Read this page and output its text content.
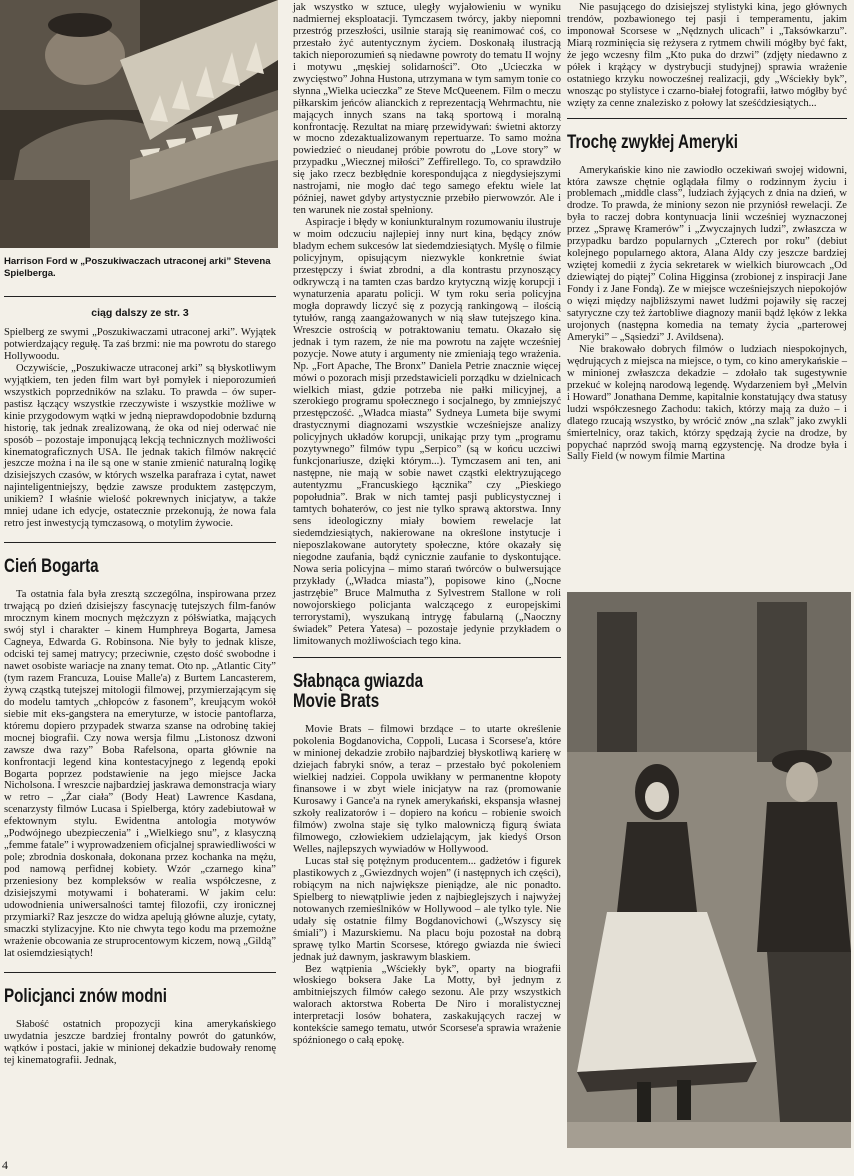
Harrison Ford w „Poszukiwaczach utraconej arki” Stevena Spielberga.
ciąg dalszy ze str. 3

Spielberg ze swymi „Poszukiwaczami utraconej arki”. Wyjątek potwierdzający regułę. Ta zaś brzmi: nie ma powrotu do starego Hollywoodu.

Oczywiście, „Poszukiwacze utraconej arki” są błyskotliwym wyjątkiem, ten jeden film wart był pomyłek i nieporozumień wszystkich poprzedników na szlaku. To prawda – ów super-pastisz łączący wszystkie rzeczywiste i wszystkie możliwe w kinie przygodowym wątki w jedną nieprawdopodobnie bzdurną historię, tak jednak zrealizowaną, że oka od niej oderwać nie sposób – pozostaje imponującą lekcją technicznych możliwości kinematograficznych USA. Ile jednak takich filmów nakręcić jeszcze można i na ile są one w stanie zmienić naturalną logikę dzisiejszych czasów, w których wszelka parafraza i cytat, nawet najinteligentniejszy, będzie zawsze produktem zastępczym, unikiem? I właśnie wielość pokrewnych inicjatyw, a także mniej udane ich edycje, ostatecznie przekonują, że nowa fala retro jest inwestycją tymczasową, o motylim żywocie.

Cień Bogarta

Ta ostatnia fala była zresztą szczególna, inspirowana przez trwającą po dzień dzisiejszy fascynację tutejszych film-fanów mrocznym kinem mocnych mężczyzn z półświatka, mających swój styl i charakter – kinem Humphreya Bogarta, Jamesa Cagneya, Edwarda G. Robinsona. Nie były to jednak klisze, odciski tej samej matrycy; przeciwnie, często dość swobodne i nawet osobiste wariacje na znany temat. Oto np. „Atlantic City” (tym razem Francuza, Louise Malle'a) z Burtem Lancasterem, żywą cząstką tutejszej mitologii filmowej, przymierzającym się do modelu tamtych „chłopców z fasonem”, kreującym wokół siebie mit eks-gangstera na emeryturze, w istocie pantoflarza, któremu dopiero przypadek stwarza szanse na odrobinę takiej mocnej biografii. Czy nowa wersja filmu „Listonosz dzwoni zawsze dwa razy” Boba Rafelsona, oparta głównie na konfrontacji legend kina kontestacyjnego z legendą epoki Bogarta poprzez podstawienie na jego miejsce Jacka Nicholsona. I wreszcie najbardziej jaskrawa demonstracja wiary w retro – „Żar ciała” (Body Heat) Lawrence Kasdana, scenarzysty filmów Lucasa i Spielberga, który zadebiutował w efektownym stylu. Ewidentna antologia motywów „Podwójnego ubezpieczenia” i „Wielkiego snu”, z klasyczną „femme fatale” i wyprowadzeniem oficjalnej sprawiedliwości w pole; zbrodnia doskonała, dokonana przez kochanka na mężu, pod namową perfidnej kobiety. Wzór „czarnego kina” przeniesiony bez kompleksów w realia współczesne, z dzisiejszymi motywami i bohaterami. W jakim celu: udowodnienia uniwersalności tamtej filozofii, czy ironicznej przymiarki? Raz jeszcze do widza apelują główne aluzje, cytaty, smaczki stylizacyjne. Kto nie chwyta tego kodu ma przemożne wrażenie obcowania ze struprocentowym kiczem, nową „Gildą” lat osiemdziesiątych!

Policjanci znów modni

Słabość ostatnich propozycji kina amerykańskiego uwydatnia jeszcze bardziej frontalny powrót do gatunków, wątków i postaci, jakie w minionej dekadzie budowały renomę tej kinematografii. Jednak,

jak wszystko w sztuce, uległy wyjałowieniu w wyniku nadmiernej eksploatacji. Tymczasem twórcy, jakby niepomni przestróg przeszłości, usilnie starają się reanimować coś, co przestało żyć autentycznym życiem. Doskonałą ilustracją takich nieporozumień są niedawne powroty do tematu II wojny i motywu „męskiej solidarności”. Oto „Ucieczka w zwycięstwo” Johna Hustona, utrzymana w tym samym tonie co słynna „Wielka ucieczka” ze Steve McQueenem. Film o meczu piłkarskim jeńców alianckich z reprezentacją Wehrmachtu, nie mających innych szans na taką sportową i moralną konfrontację. Rezultat na miarę przewidywań: świetni aktorzy w mocno zdezaktualizowanym repertuarze. To samo można powiedzieć o nieudanej próbie powrotu do „Love story” w przypadku „Wiecznej miłości” Zeffirellego. To, co sprawdziło się jako rzecz bezbłędnie korespondująca z niegdysiejszymi nastrojami, nie mogło dać tego samego efektu wiele lat później, nawet gdyby artystycznie przebiło pierwowzór. Ale i ten warunek nie został spełniony.

Aspiracje i błędy w koniunkturalnym rozumowaniu ilustruje w moim odczuciu najlepiej inny nurt kina, będący znów bladym echem sukcesów lat siedemdziesiątych. Myślę o filmie policyjnym, opisującym niezwykle konkretnie świat przestępczy i świat zbrodni, a dla kontrastu przynoszący odkrywczą i na tamten czas bardzo krytyczną wizję korupcji i wynaturzenia aparatu policji. W tym roku seria policyjna mogła doprawdy liczyć się z pozycją rankingową – ilością tytułów, rangą zaangażowanych w nią sław tutejszego kina. Wreszcie ostrością w potraktowaniu tematu. Okazało się jednak i tym razem, że nie ma powrotu na zajęte wcześniej pozycje. Nowe atuty i argumenty nie zmieniają tego wrażenia. Np. „Fort Apache, The Bronx” Daniela Petrie znacznie więcej mówi o pozorach misji przedstawicieli porządku w dzielnicach wielkich miast, gdzie potrzeba nie pałki milicyjnej, a szerokiego programu społecznego i socjalnego, by zmniejszyć przestępczość. „Władca miasta” Sydneya Lumeta bije swymi drastycznymi diagnozami wszystkie wcześniejsze analizy policyjnych układów korupcji, unikając przy tym „programu pozytywnego” filmów typu „Serpico” (są w końcu uczciwi funkcjonariusze, dzięki którym...). Tymczasem ani ten, ani następne, nie mają w sobie nawet cząstki elektryzującego autentyzmu „Francuskiego łącznika” czy „Pieskiego popołudnia”. Brak w nich tamtej pasji publicystycznej i tamtych bohaterów, co jest nie tylko sprawą aktorstwa. Inny sens ideologiczny miały bowiem rewelacje lat siedemdziesiątych, nakierowane na określone instytucje i nieposzlakowane autorytety społeczne, które okazały się niegodne zaufania, bądź cynicznie zaufanie to dyskontujące. Nowa seria policyjna – mimo starań twórców o bulwersujące przykłady („Władca miasta”), popisowe kino („Nocne jastrzębie” Bruce Malmutha z Sylvestrem Stallone w roli nowojorskiego policjanta walczącego z europejskimi terrorystami), wyszukaną intrygę fabularną („Naoczny świadek” Petera Yatesa) – pozostaje jedynie przykładem o limitowanych możliwościach tego kina.

Słabnąca gwiazda
Movie Brats

Movie Brats – filmowi brzdące – to utarte określenie pokolenia Bogdanovicha, Coppoli, Lucasa i Scorsese'a, które w minionej dekadzie zrobiło najbardziej błyskotliwą karierę w dziejach fabryki snów, a teraz – przestało być pokoleniem wielkiej nadziei. Coppola uwikłany w permanentne kłopoty finansowe i w zbyt wiele inicjatyw na raz (promowanie Kurosawy i Gance'a na rynek amerykański, ekspansja własnej szkoły realizatorów i – dopiero na końcu – robienie swoich filmów) zwolna staje się tylko malowniczą figurą świata filmowego, człowiekiem udzielającym, jak kiedyś Orson Welles, najlepszych wywiadów w Hollywood.

Lucas stał się potężnym producentem... gadżetów i figurek plastikowych z „Gwiezdnych wojen” (i następnych ich części), robiącym na nich największe pieniądze, ale nic ponadto. Spielberg to niewątpliwie jeden z najbieglejszych i najwyżej notowanych rzemieślników w Hollywood – ale tylko tyle. Nie udały się ostatnie filmy Bogdanovichowi („Wszyscy się śmiali”) i Mazurskiemu. Na placu boju pozostał na dobrą sprawę tylko Martin Scorsese, którego gwiazda nie świeci jednak już dawnym, jaskrawym blaskiem.

Bez wątpienia „Wściekły byk”, oparty na biografii włoskiego boksera Jake La Motty, był jednym z ambitniejszych filmów całego sezonu. Ale przy wszystkich walorach aktorstwa Roberta De Niro i moralistycznej interpretacji losów bohatera, zaskakujących raczej w kontekście samego tematu, utwór Scorsese'a sprawia wrażenie spóźnionego o całą epokę.

Nie pasującego do dzisiejszej stylistyki kina, jego głównych trendów, pozbawionego tej pasji i temperamentu, jakim imponował Scorsese w „Nędznych ulicach” i „Taksówkarzu”. Miarą rozminięcia się reżysera z rytmem chwili mógłby być fakt, że jego wczesny film „Kto puka do drzwi” (zdjęty niedawno z półek i krążący w dystrybucji studyjnej) sprawia wrażenie ostatniego krzyku nowocześnej realizacji, gdy „Wściekły byk”, wnosząc po stylistyce i czarno-białej fotografii, łatwo mógłby być wzięty za cenne znalezisko z połowy lat sześćdziesiątych...

Trochę zwykłej Ameryki

Amerykańskie kino nie zawiodło oczekiwań swojej widowni, która zawsze chętnie oglądała filmy o rodzinnym życiu i problemach „middle class”, ludziach żyjących z dnia na dzień, w drodze. To prawda, że miniony sezon nie przyniósł rewelacji. Ze była to raczej dobra kontynuacja linii wcześniej wyznaczonej przez „Sprawę Kramerów” i „Zwyczajnych ludzi”, zwłaszcza w przypadku bardzo popularnych „Czterech por roku” (debiut kolejnego popularnego aktora, Alana Aldy czy jeszcze bardziej wziętej komedii z życia sekretarek w wielkich biurowcach „Od dziewiątej do piątej” Colina Higginsa (zrobionej z inspiracji Jane Fondy i z Jane Fondą). Ze w miejsce wcześniejszych niepokojów o więzi między najbliższymi nawet ludźmi pojawiły się raczej satyryczne czy też żartobliwe diagnozy manii bądź lęków z lekka urojonych (następna komedia na tematy życia „parterowej Ameryki” – „Sąsiedzi” J. Avildsena).

Nie brakowało dobrych filmów o ludziach niespokojnych, wędrujących z miejsca na miejsce, o tym, co kino amerykańskie – w minionej zwłaszcza dekadzie – zdołało tak sugestywnie przekuć w kolejną narodową legendę. Wydarzeniem był „Melvin i Howard” Jonathana Demme, kapitalnie konstatujący dwa statusy ludzi współczesnego Zachodu: takich, którzy mają za dużo – i dlatego rzucają wszystko, by wrócić znów „na szlak” jako zwykli śmiertelnicy, oraz takich, którzy spędzają życie na drodze, by popychać naprzód swoją marną egzystencję. Na drodze była i Sally Field (w nowym filmie Martina

4
